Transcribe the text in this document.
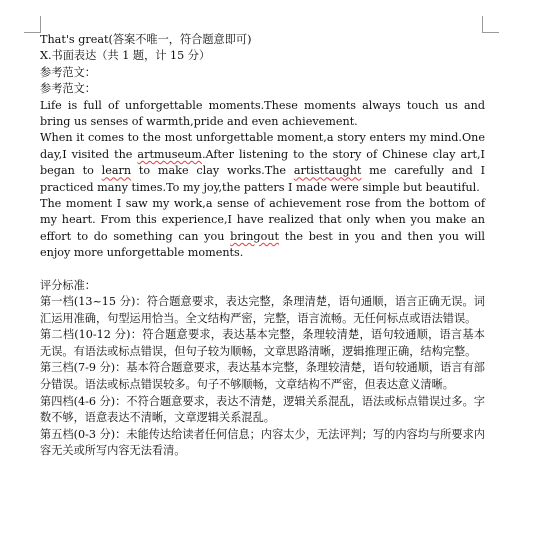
That's great(答案不唯一，符合题意即可)
X.书面表达（共 1 题，计 15 分）
参考范文：
参考范文：

Life is full of unforgettable moments.These moments always touch us and bring us senses of warmth,pride and even achievement.

When it comes to the most unforgettable moment,a story enters my mind.One day,I visited the artmuseum.After listening to the story of Chinese clay art,I began to learn to make clay works.The artisttaught me carefully and I practiced many times.To my joy,the patters I made were simple but beautiful.

The moment I saw my work,a sense of achievement rose from the bottom of my heart. From this experience,I have realized that only when you make an effort to do something can you bringout the best in you and then you will enjoy more unforgettable moments.

评分标准：

第一档(13~15 分)：符合题意要求，表达完整，条理清楚，语句通顺，语言正确无误。词汇运用准确，句型运用恰当。全文结构严密，完整，语言流畅。无任何标点或语法错误。

第二档(10-12 分)：符合题意要求，表达基本完整，条理较清楚，语句较通顺，语言基本无误。有语法或标点错误，但句子较为顺畅，文章思路清晰，逻辑推理正确，结构完整。

第三档(7-9 分)：基本符合题意要求，表达基本完整，条理较清楚，语句较通顺，语言有部分错误。语法或标点错误较多。句子不够顺畅，文章结构不严密，但表达意义清晰。

第四档(4-6 分)：不符合题意要求，表达不清楚，逻辑关系混乱，语法或标点错误过多。字数不够，语意表达不清晰，文章逻辑关系混乱。

第五档(0-3 分)：未能传达给读者任何信息；内容太少，无法评判；写的内容均与所要求内容无关或所写内容无法看清。
